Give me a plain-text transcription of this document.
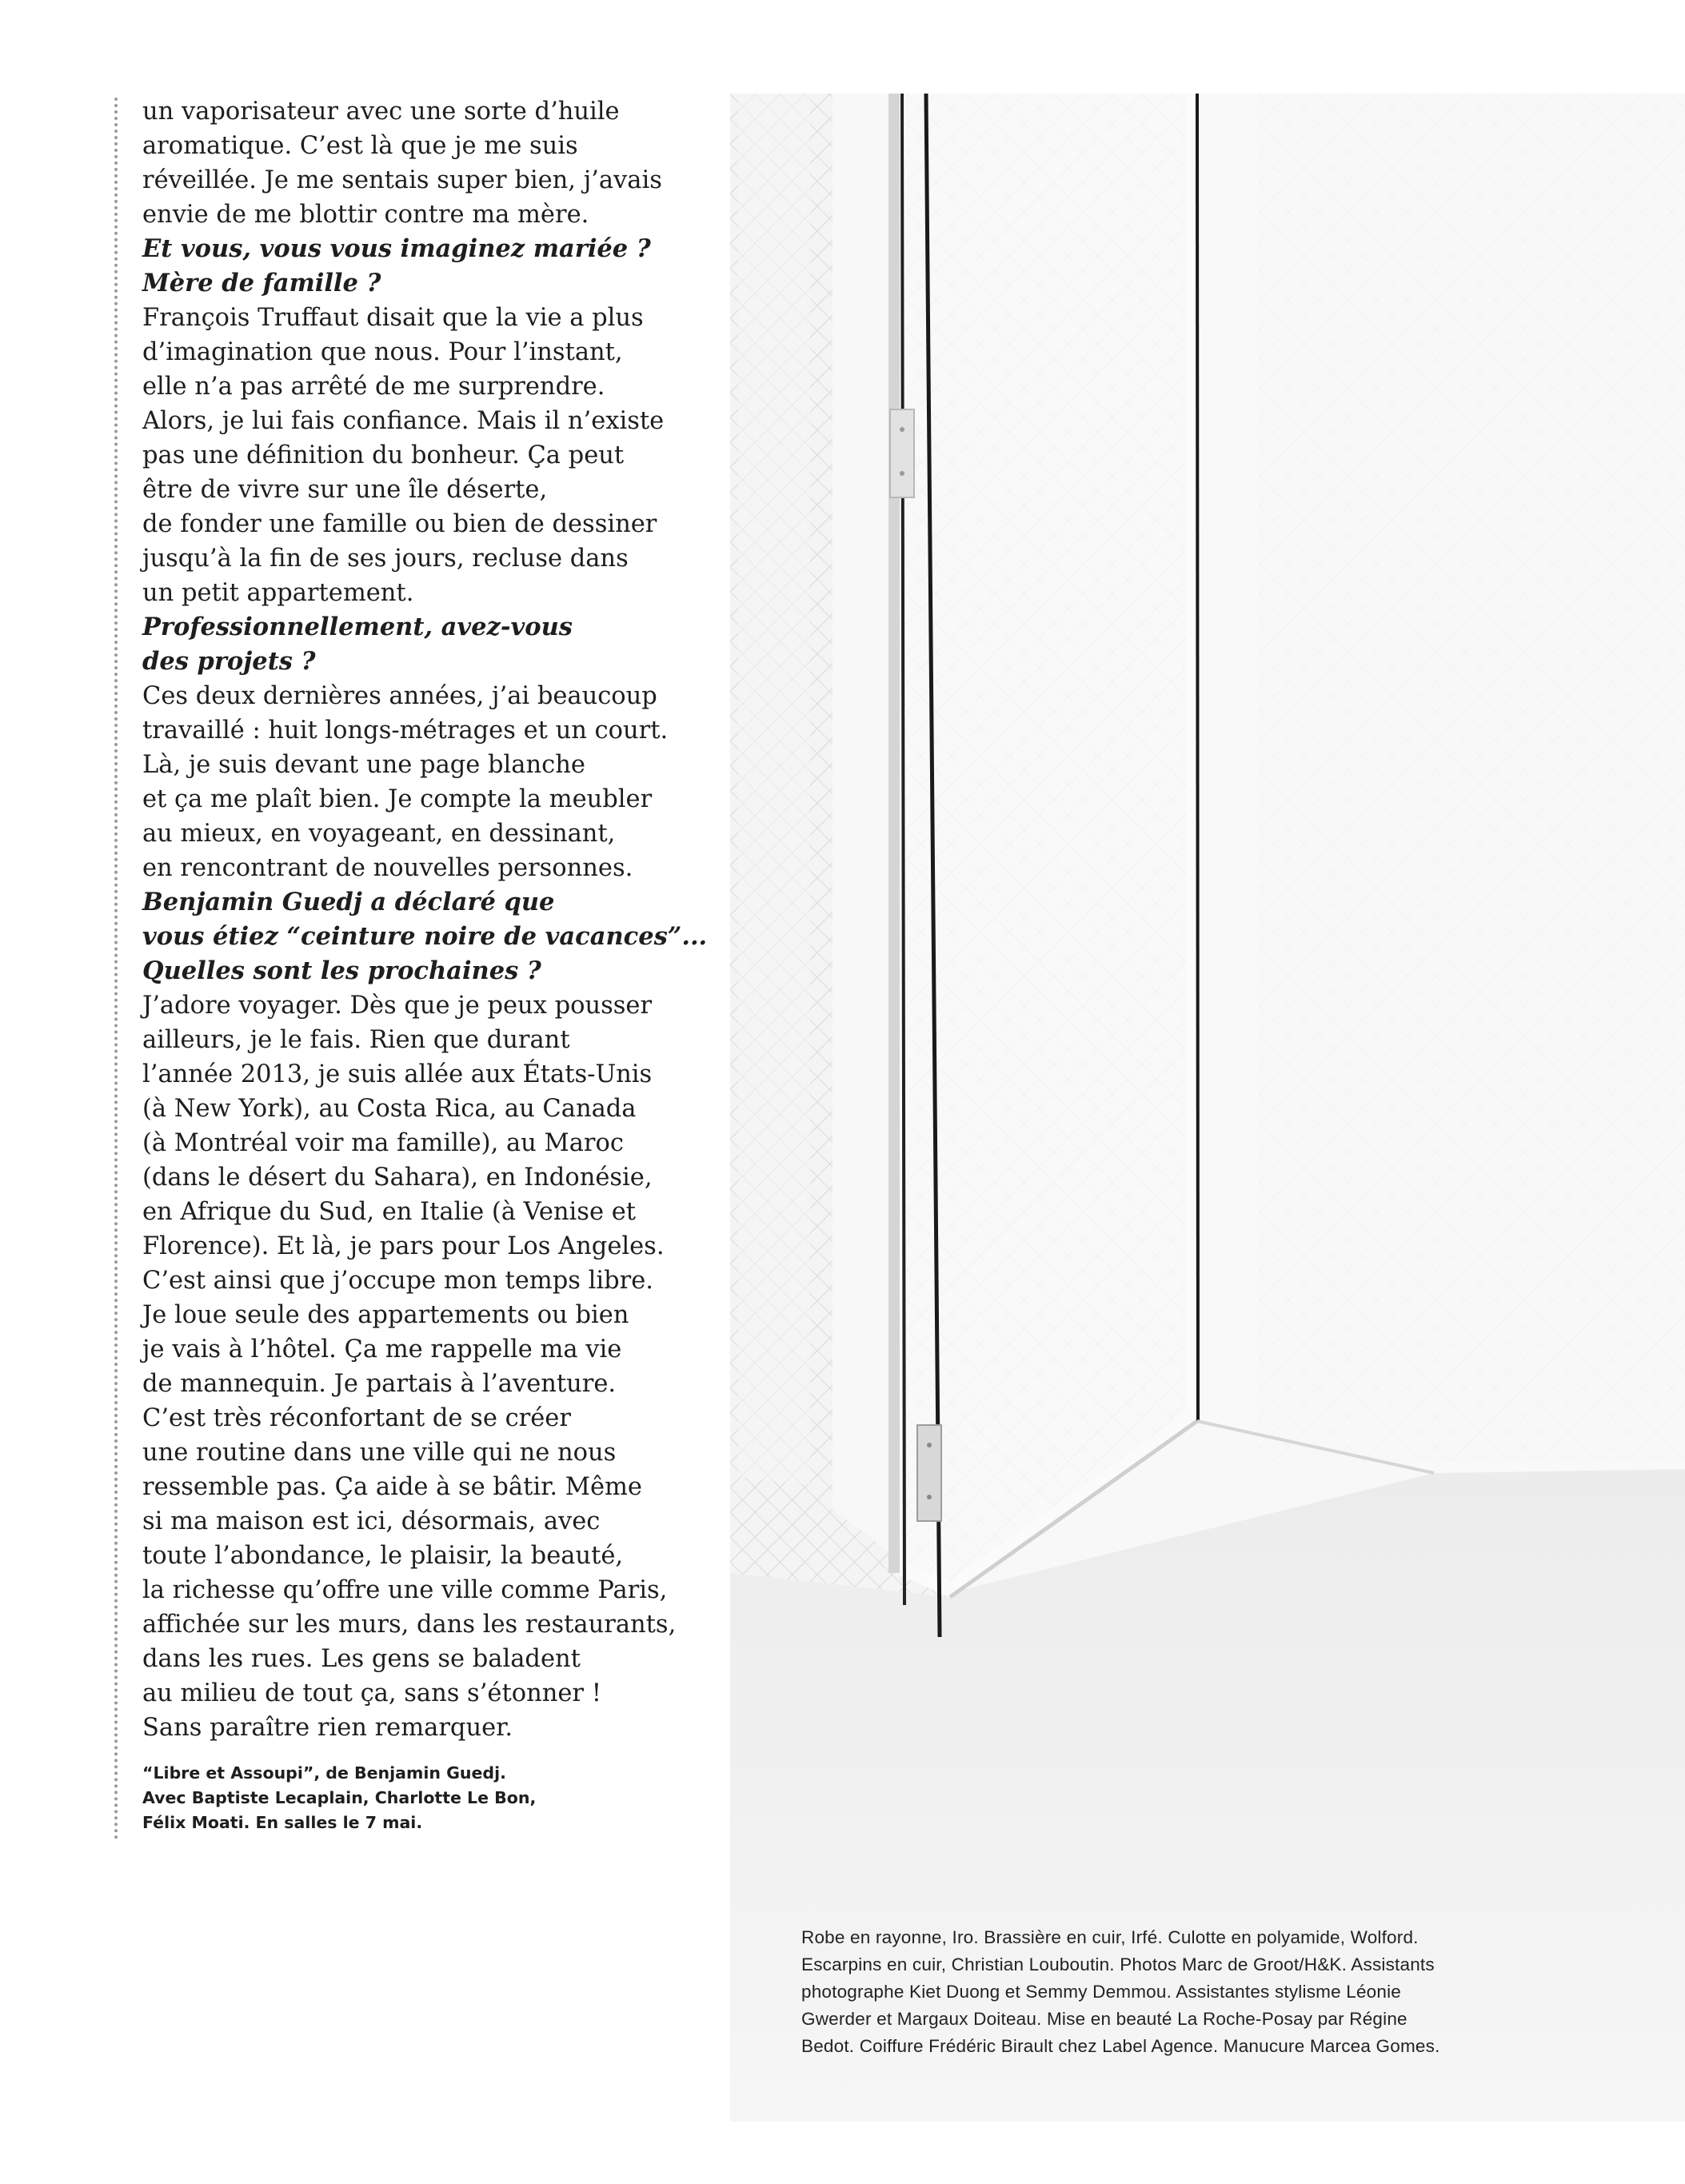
un vaporisateur avec une sorte d’huile
aromatique. C’est là que je me suis
réveillée. Je me sentais super bien, j’avais
envie de me blottir contre ma mère.
Et vous, vous vous imaginez mariée ?
Mère de famille ?
François Truffaut disait que la vie a plus
d’imagination que nous. Pour l’instant,
elle n’a pas arrêté de me surprendre.
Alors, je lui fais confiance. Mais il n’existe
pas une définition du bonheur. Ça peut
être de vivre sur une île déserte,
de fonder une famille ou bien de dessiner
jusqu’à la fin de ses jours, recluse dans
un petit appartement.
Professionnellement, avez-vous
des projets ?
Ces deux dernières années, j’ai beaucoup
travaillé : huit longs-métrages et un court.
Là, je suis devant une page blanche
et ça me plaît bien. Je compte la meubler
au mieux, en voyageant, en dessinant,
en rencontrant de nouvelles personnes.
Benjamin Guedj a déclaré que
vous étiez “ceinture noire de vacances”...
Quelles sont les prochaines ?
J’adore voyager. Dès que je peux pousser
ailleurs, je le fais. Rien que durant
l’année 2013, je suis allée aux États-Unis
(à New York), au Costa Rica, au Canada
(à Montréal voir ma famille), au Maroc
(dans le désert du Sahara), en Indonésie,
en Afrique du Sud, en Italie (à Venise et
Florence). Et là, je pars pour Los Angeles.
C’est ainsi que j’occupe mon temps libre.
Je loue seule des appartements ou bien
je vais à l’hôtel. Ça me rappelle ma vie
de mannequin. Je partais à l’aventure.
C’est très réconfortant de se créer
une routine dans une ville qui ne nous
ressemble pas. Ça aide à se bâtir. Même
si ma maison est ici, désormais, avec
toute l’abondance, le plaisir, la beauté,
la richesse qu’offre une ville comme Paris,
affichée sur les murs, dans les restaurants,
dans les rues. Les gens se baladent
au milieu de tout ça, sans s’étonner !
Sans paraître rien remarquer.
“Libre et Assoupi”, de Benjamin Guedj.
Avec Baptiste Lecaplain, Charlotte Le Bon,
Félix Moati. En salles le 7 mai.
Robe en rayonne, Iro. Brassière en cuir, Irfé. Culotte en polyamide, Wolford.
Escarpins en cuir, Christian Louboutin. Photos Marc de Groot/H&K. Assistants
photographe Kiet Duong et Semmy Demmou. Assistantes stylisme Léonie
Gwerder et Margaux Doiteau. Mise en beauté La Roche-Posay par Régine
Bedot. Coiffure Frédéric Birault chez Label Agence. Manucure Marcea Gomes.
